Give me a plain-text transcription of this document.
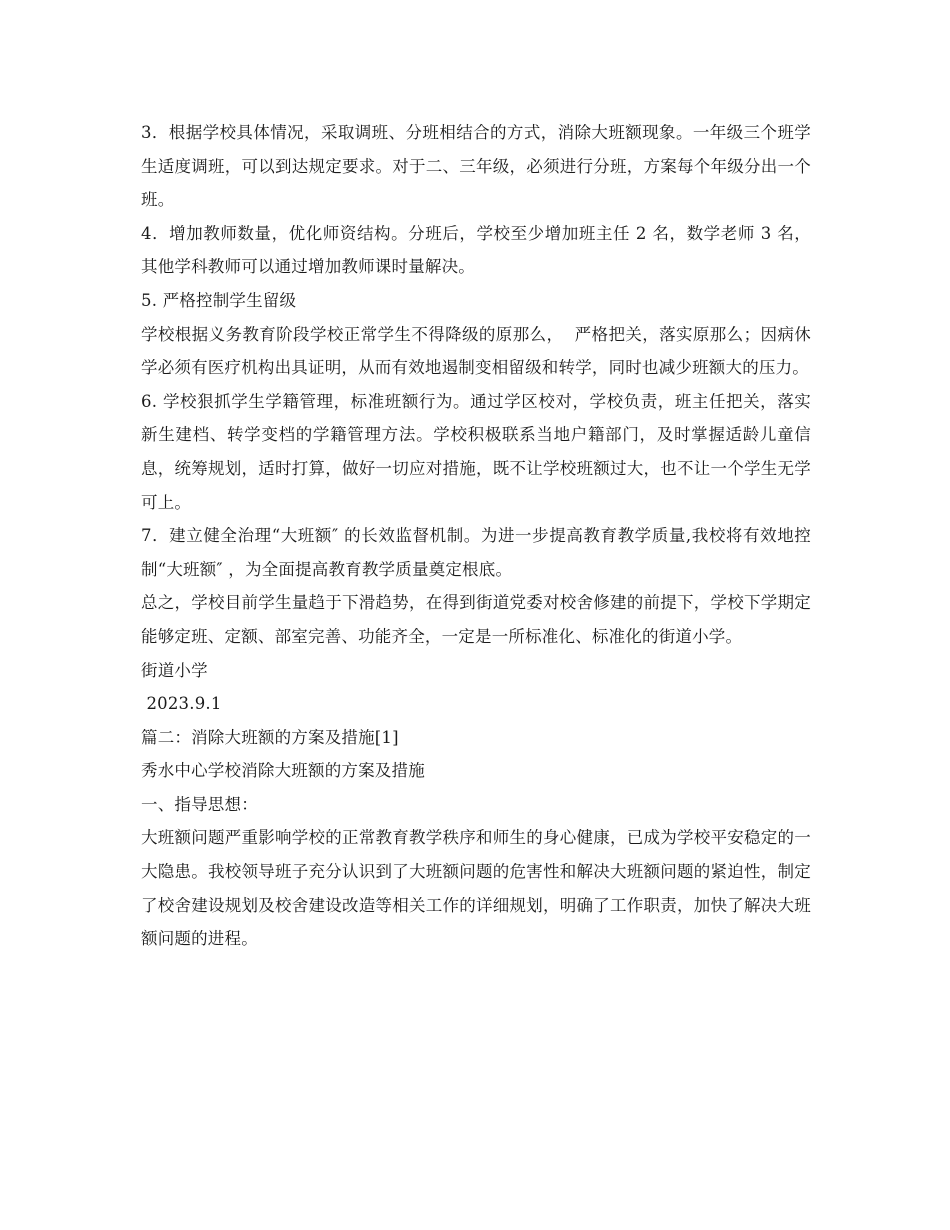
3．根据学校具体情况，采取调班、分班相结合的方式，消除大班额现象。一年级三个班学生适度调班，可以到达规定要求。对于二、三年级，必须进行分班，方案每个年级分出一个班。

4．增加教师数量，优化师资结构。分班后，学校至少增加班主任 2 名，数学老师 3 名，其他学科教师可以通过增加教师课时量解决。

5. 严格控制学生留级

学校根据义务教育阶段学校正常学生不得降级的原那么，  严格把关，落实原那么；因病休学必须有医疗机构出具证明，从而有效地遏制变相留级和转学，同时也减少班额大的压力。

6. 学校狠抓学生学籍管理，标准班额行为。通过学区校对，学校负责，班主任把关，落实新生建档、转学变档的学籍管理方法。学校积极联系当地户籍部门，及时掌握适龄儿童信息，统筹规划，适时打算，做好一切应对措施，既不让学校班额过大，也不让一个学生无学可上。

7．建立健全治理“大班额″ 的长效监督机制。为进一步提高教育教学质量,我校将有效地控制“大班额″ ，为全面提高教育教学质量奠定根底。

总之，学校目前学生量趋于下滑趋势，在得到街道党委对校舍修建的前提下，学校下学期定能够定班、定额、部室完善、功能齐全，一定是一所标准化、标准化的街道小学。

街道小学

2023.9.1

篇二：消除大班额的方案及措施[1]

秀水中心学校消除大班额的方案及措施

一、指导思想：

大班额问题严重影响学校的正常教育教学秩序和师生的身心健康，已成为学校平安稳定的一大隐患。我校领导班子充分认识到了大班额问题的危害性和解决大班额问题的紧迫性，制定了校舍建设规划及校舍建设改造等相关工作的详细规划，明确了工作职责，加快了解决大班额问题的进程。
